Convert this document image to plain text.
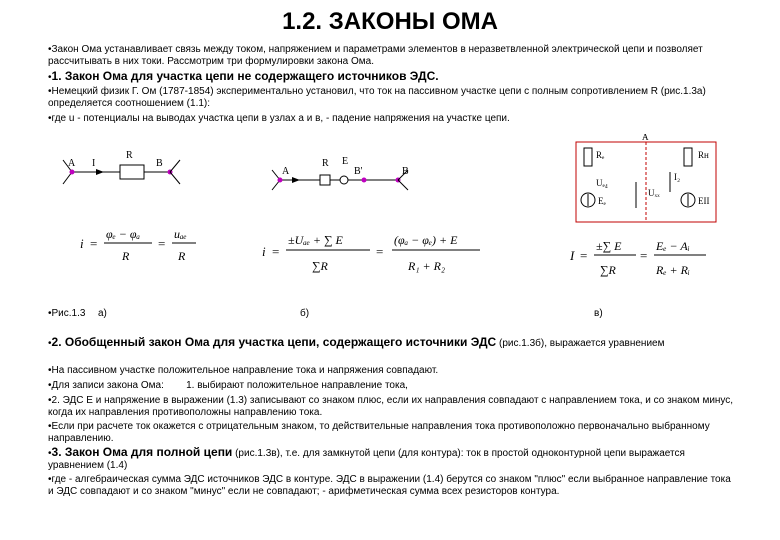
1.2. ЗАКОНЫ ОМА
• Закон Ома устанавливает связь между током, напряжением и параметрами элементов в неразветвленной электрической цепи и позволяет рассчитывать в них токи. Рассмотрим три формулировки закона Ома.
• 1. Закон Ома для участка цепи не содержащего источников ЭДС.
• Немецкий физик Г. Ом (1787-1854) экспериментально установил, что ток на пассивном участке цепи с полным сопротивлением R (рис.1.3а) определяется соотношением (1.1):
• где u - потенциалы на выводах участка цепи в узлах а и в, - падение напряжения на участке цепи.
A I
R
B	R E
A	B'	B
Rₑ
A
Rн
I₂
Uₑ₄
Uₓₓ
Eₑ	EII
i =
φₑ − φₐ
R
=
uₐₑ
R	i =
±Uₐₑ + ∑ E
∑R
=
(φₐ − φₑ) + E
R₁ + R₂
I =
±∑ E
∑R
=
Eₑ − Aᵢ
Rₑ + Rᵢ
• Рис.1.3 а)	б)	в)
• 2. Обобщенный закон Ома для участка цепи, содержащего источники ЭДС (рис.1.3б), выражается уравнением
• На пассивном участке положительное направление тока и напряжения совпадают.
• Для записи закона Ома: 1. выбирают положительное направление тока,
• 2. ЭДС Е и напряжение в выражении (1.3) записывают со знаком плюс, если их направления совпадают с направлением тока, и со знаком минус, когда их направления противоположны направлению тока.
• Если при расчете ток окажется с отрицательным знаком, то действительные направления тока противоположно первоначально выбранному направлению.
• 3. Закон Ома для полной цепи (рис.1.3в), т.е. для замкнутой цепи (для контура): ток в простой одноконтурной цепи выражается уравнением (1.4)
• где - алгебраическая сумма ЭДС источников ЭДС в контуре. ЭДС в выражении (1.4) берутся со знаком "плюс" если выбранное направление тока и ЭДС совпадают и со знаком "минус" если не совпадают; - арифметическая сумма всех резисторов контура.
